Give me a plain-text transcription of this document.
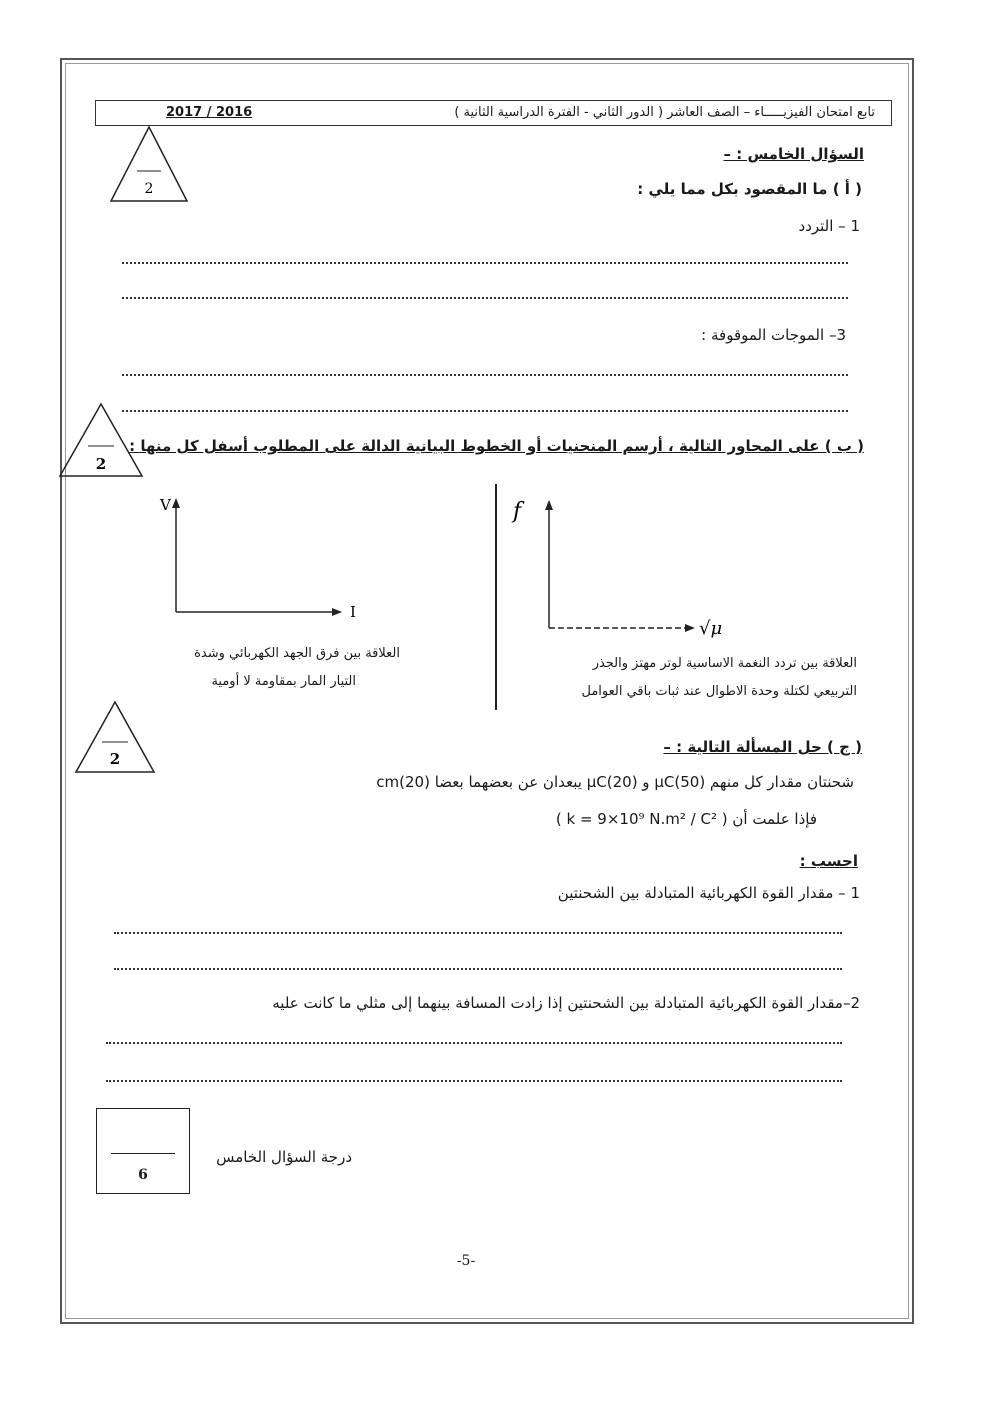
تابع امتحان الفيزيـــــاء – الصف العاشر ( الدور الثاني - الفترة الدراسية الثانية )
2017 / 2016
السؤال الخامس : –
2	( أ ) ما المقصود بكل مما يلي :
1 – التردد
3– الموجات الموقوفة :
2
( ب ) على المحاور التالية ، أرسم المنحنيات أو الخطوط البيانية الدالة على المطلوب أسفل كل منها :
V
I
العلاقة بين فرق الجهد الكهربائي وشدة
التيار المار بمقاومة لا أومية
f
√μ
العلاقة بين تردد النغمة الاساسية لوتر مهتز والجذر
التربيعي لكتلة وحدة الاطوال عند ثبات باقي العوامل
2
( ج ) حل المسألة التالية : –
شحنتان مقدار كل منهم (50)μC و (20)μC يبعدان عن بعضهما بعضا (20)cm
فإذا علمت أن ( k = 9×10⁹ N.m² / C² )
احسب :
1 – مقدار القوة الكهربائية المتبادلة بين الشحنتين
2–مقدار القوة الكهربائية المتبادلة بين الشحنتين إذا زادت المسافة بينهما إلى مثلي ما كانت عليه
6
درجة السؤال الخامس
-5-
